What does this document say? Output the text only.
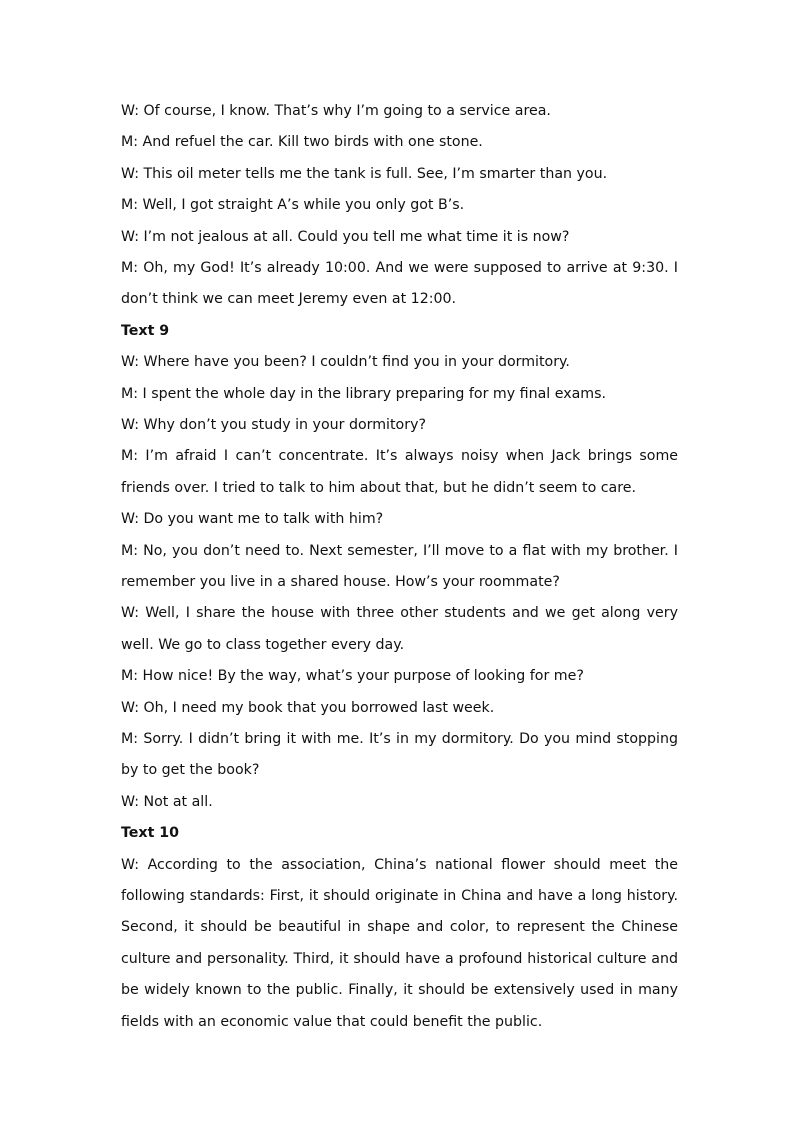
W: Of course, I know. That’s why I’m going to a service area.

M: And refuel the car. Kill two birds with one stone.

W: This oil meter tells me the tank is full. See, I’m smarter than you.

M: Well, I got straight A’s while you only got B’s.

W: I’m not jealous at all. Could you tell me what time it is now?

M: Oh, my God! It’s already 10:00. And we were supposed to arrive at 9:30. I don’t think we can meet Jeremy even at 12:00.

Text 9

W: Where have you been? I couldn’t find you in your dormitory.

M: I spent the whole day in the library preparing for my final exams.

W: Why don’t you study in your dormitory?

M: I’m afraid I can’t concentrate. It’s always noisy when Jack brings some friends over. I tried to talk to him about that, but he didn’t seem to care.

W: Do you want me to talk with him?

M: No, you don’t need to. Next semester, I’ll move to a flat with my brother. I remember you live in a shared house. How’s your roommate?

W: Well, I share the house with three other students and we get along very well. We go to class together every day.

M: How nice! By the way, what’s your purpose of looking for me?

W: Oh, I need my book that you borrowed last week.

M: Sorry. I didn’t bring it with me. It’s in my dormitory. Do you mind stopping by to get the book?

W: Not at all.

Text 10

W: According to the association, China’s national flower should meet the following standards: First, it should originate in China and have a long history. Second, it should be beautiful in shape and color, to represent the Chinese culture and personality. Third, it should have a profound historical culture and be widely known to the public. Finally, it should be extensively used in many fields with an economic value that could benefit the public.
